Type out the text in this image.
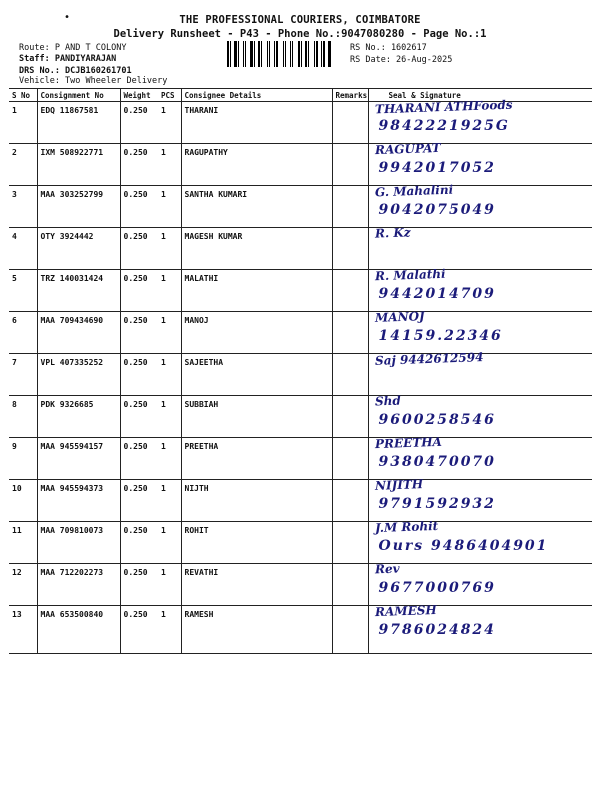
•	THE PROFESSIONAL COURIERS, COIMBATORE
Delivery Runsheet - P43 - Phone No.:9047080280 - Page No.:1
Route: P AND T COLONY
Staff: PANDIYARAJAN
DRS No.: DCJB160261701
Vehicle: Two Wheeler Delivery
RS No.: 1602617
RS Date: 26-Aug-2025
S No	Consignment No	Weight	PCS	Consignee Details	Remarks	Seal & Signature
1	EDQ 11867581	0.250	1	THARANI		THARANI ATHFoods
9842221925G

2	IXM 508922771	0.250	1	RAGUPATHY		RAGUPAT
9942017052

3	MAA 303252799	0.250	1	SANTHA KUMARI		G. Mahalini
9042075049

4	OTY 3924442	0.250	1	MAGESH KUMAR		R. Kz

5	TRZ 140031424	0.250	1	MALATHI		R. Malathi
9442014709

6	MAA 709434690	0.250	1	MANOJ		MANOJ
14159.22346

7	VPL 407335252	0.250	1	SAJEETHA		Saj 9442612594

8	PDK 9326685	0.250	1	SUBBIAH		Shd
9600258546

9	MAA 945594157	0.250	1	PREETHA		PREETHA
9380470070

10	MAA 945594373	0.250	1	NIJTH		NIJITH
9791592932

11	MAA 709810073	0.250	1	ROHIT		J.M Rohit
Ours 9486404901

12	MAA 712202273	0.250	1	REVATHI		Rev
9677000769

13	MAA 653500840	0.250	1	RAMESH		RAMESH
9786024824
